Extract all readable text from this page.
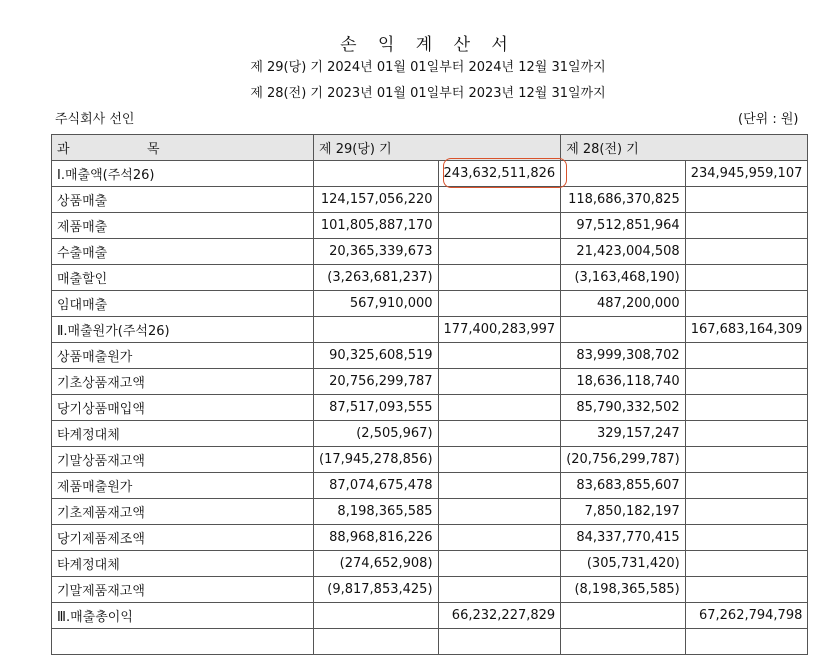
손 익 계 산 서
제 29(당) 기 2024년 01월 01일부터 2024년 12월 31일까지
제 28(전) 기 2023년 01월 01일부터 2023년 12월 31일까지
주식회사 선인	(단위 : 원)
과 목	제 29(당) 기		제 28(전) 기	
Ⅰ.매출액(주석26)		243,632,511,826		234,945,959,107
상품매출	124,157,056,220		118,686,370,825	
제품매출	101,805,887,170		97,512,851,964	
수출매출	20,365,339,673		21,423,004,508	
매출할인	(3,263,681,237)		(3,163,468,190)	
임대매출	567,910,000		487,200,000	
Ⅱ.매출원가(주석26)		177,400,283,997		167,683,164,309
상품매출원가	90,325,608,519		83,999,308,702	
기초상품재고액	20,756,299,787		18,636,118,740	
당기상품매입액	87,517,093,555		85,790,332,502	
타계정대체	(2,505,967)		329,157,247	
기말상품재고액	(17,945,278,856)		(20,756,299,787)	
제품매출원가	87,074,675,478		83,683,855,607	
기초제품재고액	8,198,365,585		7,850,182,197	
당기제품제조액	88,968,816,226		84,337,770,415	
타계정대체	(274,652,908)		(305,731,420)	
기말제품재고액	(9,817,853,425)		(8,198,365,585)	
Ⅲ.매출총이익		66,232,227,829		67,262,794,798
